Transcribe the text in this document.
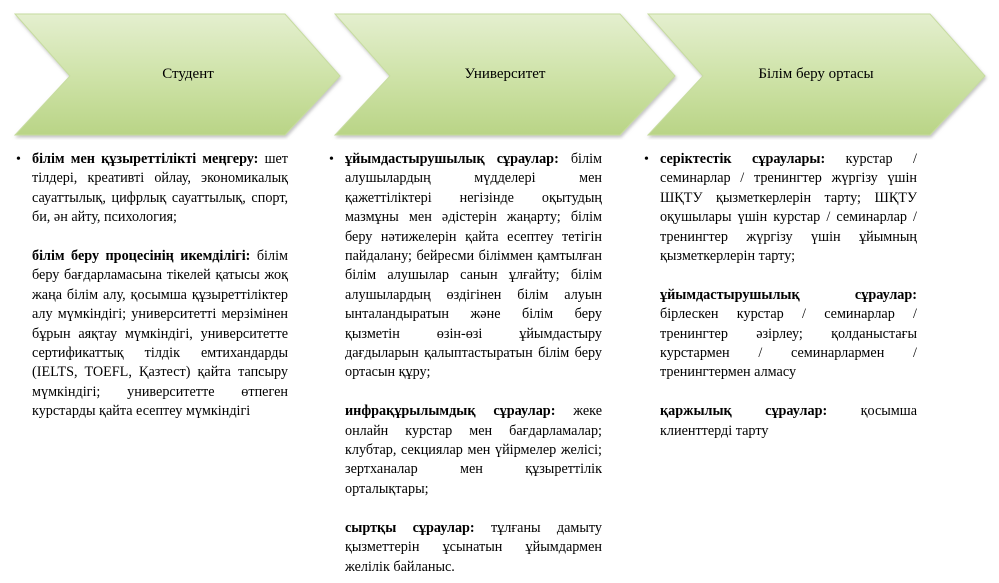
Студент	Университет	Білім беру ортасы
• білім мен құзыреттілікті меңгеру: шет тілдері, креативті ойлау, экономикалық сауаттылық, цифрлық сауаттылық, спорт, би, ән айту, психология;

білім беру процесінің икемділігі: білім беру бағдарламасына тікелей қатысы жоқ жаңа білім алу, қосымша құзыреттіліктер алу мүмкіндігі; университетті мерзімінен бұрын аяқтау мүмкіндігі, университетте сертификаттық тілдік емтихандарды (IELTS, TOEFL, Қазтест) қайта тапсыру мүмкіндігі; университетте өтпеген курстарды қайта есептеу мүмкіндігі

• ұйымдастырушылық сұраулар: білім алушылардың мүдделері мен қажеттіліктері негізінде оқытудың мазмұны мен әдістерін жаңарту; білім беру нәтижелерін қайта есептеу тетігін пайдалану; бейресми біліммен қамтылған білім алушылар санын ұлғайту; білім алушылардың өздігінен білім алуын ынталандыратын және білім беру қызметін өзін-өзі ұйымдастыру дағдыларын қалыптастыратын білім беру ортасын құру;

инфрақұрылымдық сұраулар: жеке онлайн курстар мен бағдарламалар; клубтар, секциялар мен үйірмелер желісі; зертханалар мен құзыреттілік орталықтары;

сыртқы сұраулар: тұлғаны дамыту қызметтерін ұсынатын ұйымдармен желілік байланыс.

• серіктестік сұраулары: курстар / семинарлар / тренингтер жүргізу үшін ШҚТУ қызметкерлерін тарту; ШҚТУ оқушылары үшін курстар / семинарлар / тренингтер жүргізу үшін ұйымның қызметкерлерін тарту;

ұйымдастырушылық сұраулар: бірлескен курстар / семинарлар / тренингтер әзірлеу; қолданыстағы курстармен / семинарлармен / тренингтермен алмасу

қаржылық сұраулар: қосымша клиенттерді тарту
